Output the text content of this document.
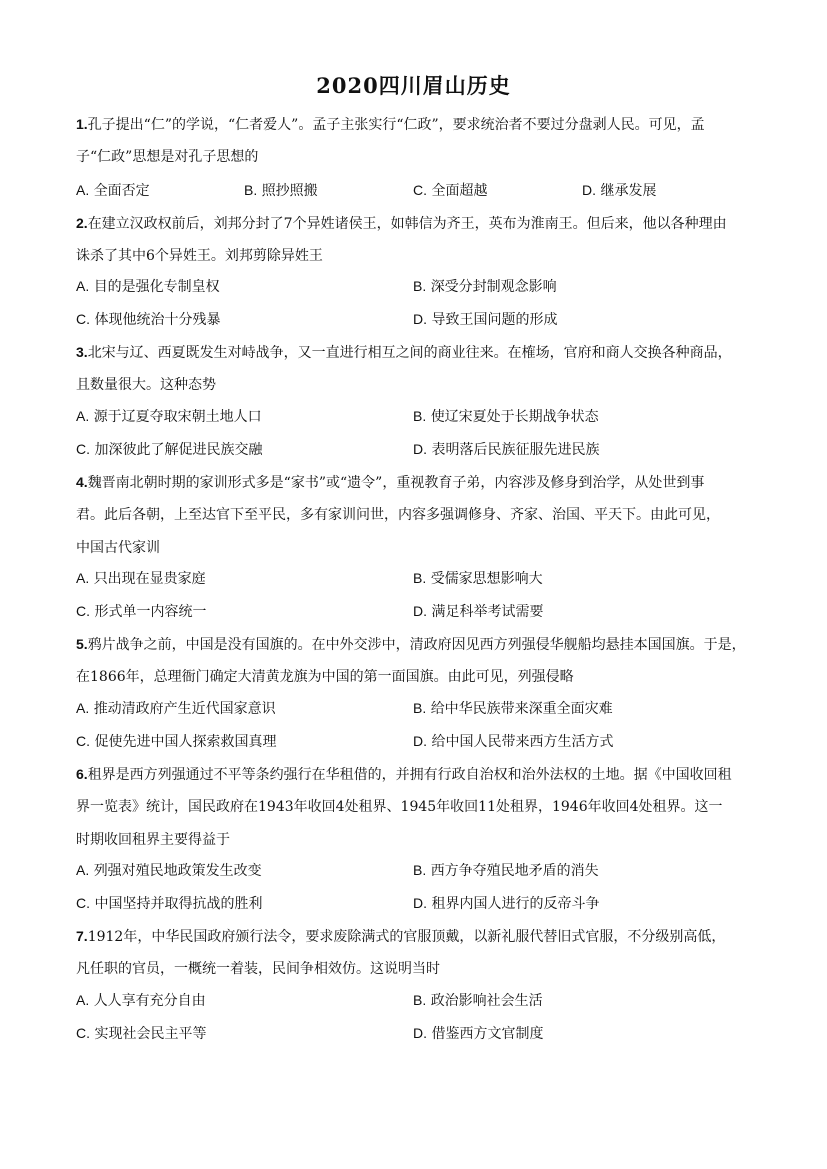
2020四川眉山历史
1.孔子提出“仁”的学说，“仁者爱人”。孟子主张实行“仁政”，要求统治者不要过分盘剥人民。可见，孟
子“仁政”思想是对孔子思想的
A. 全面否定	B. 照抄照搬	C. 全面超越	D. 继承发展
2.在建立汉政权前后，刘邦分封了7个异姓诸侯王，如韩信为齐王，英布为淮南王。但后来，他以各种理由
诛杀了其中6个异姓王。刘邦剪除异姓王
A. 目的是强化专制皇权	B. 深受分封制观念影响
C. 体现他统治十分残暴	D. 导致王国问题的形成
3.北宋与辽、西夏既发生对峙战争，又一直进行相互之间的商业往来。在榷场，官府和商人交换各种商品，
且数量很大。这种态势
A. 源于辽夏夺取宋朝土地人口	B. 使辽宋夏处于长期战争状态
C. 加深彼此了解促进民族交融	D. 表明落后民族征服先进民族
4.魏晋南北朝时期的家训形式多是“家书”或“遗令”，重视教育子弟，内容涉及修身到治学，从处世到事
君。此后各朝，上至达官下至平民，多有家训问世，内容多强调修身、齐家、治国、平天下。由此可见，
中国古代家训
A. 只出现在显贵家庭	B. 受儒家思想影响大
C. 形式单一内容统一	D. 满足科举考试需要
5.鸦片战争之前，中国是没有国旗的。在中外交涉中，清政府因见西方列强侵华舰船均悬挂本国国旗。于是，
在1866年，总理衙门确定大清黄龙旗为中国的第一面国旗。由此可见，列强侵略
A. 推动清政府产生近代国家意识	B. 给中华民族带来深重全面灾难
C. 促使先进中国人探索救国真理	D. 给中国人民带来西方生活方式
6.租界是西方列强通过不平等条约强行在华租借的，并拥有行政自治权和治外法权的土地。据《中国收回租
界一览表》统计，国民政府在1943年收回4处租界、1945年收回11处租界，1946年收回4处租界。这一
时期收回租界主要得益于
A. 列强对殖民地政策发生改变	B. 西方争夺殖民地矛盾的消失
C. 中国坚持并取得抗战的胜利	D. 租界内国人进行的反帝斗争
7.1912年，中华民国政府颁行法令，要求废除满式的官服顶戴，以新礼服代替旧式官服，不分级别高低，
凡任职的官员，一概统一着装，民间争相效仿。这说明当时
A. 人人享有充分自由	B. 政治影响社会生活
C. 实现社会民主平等	D. 借鉴西方文官制度
